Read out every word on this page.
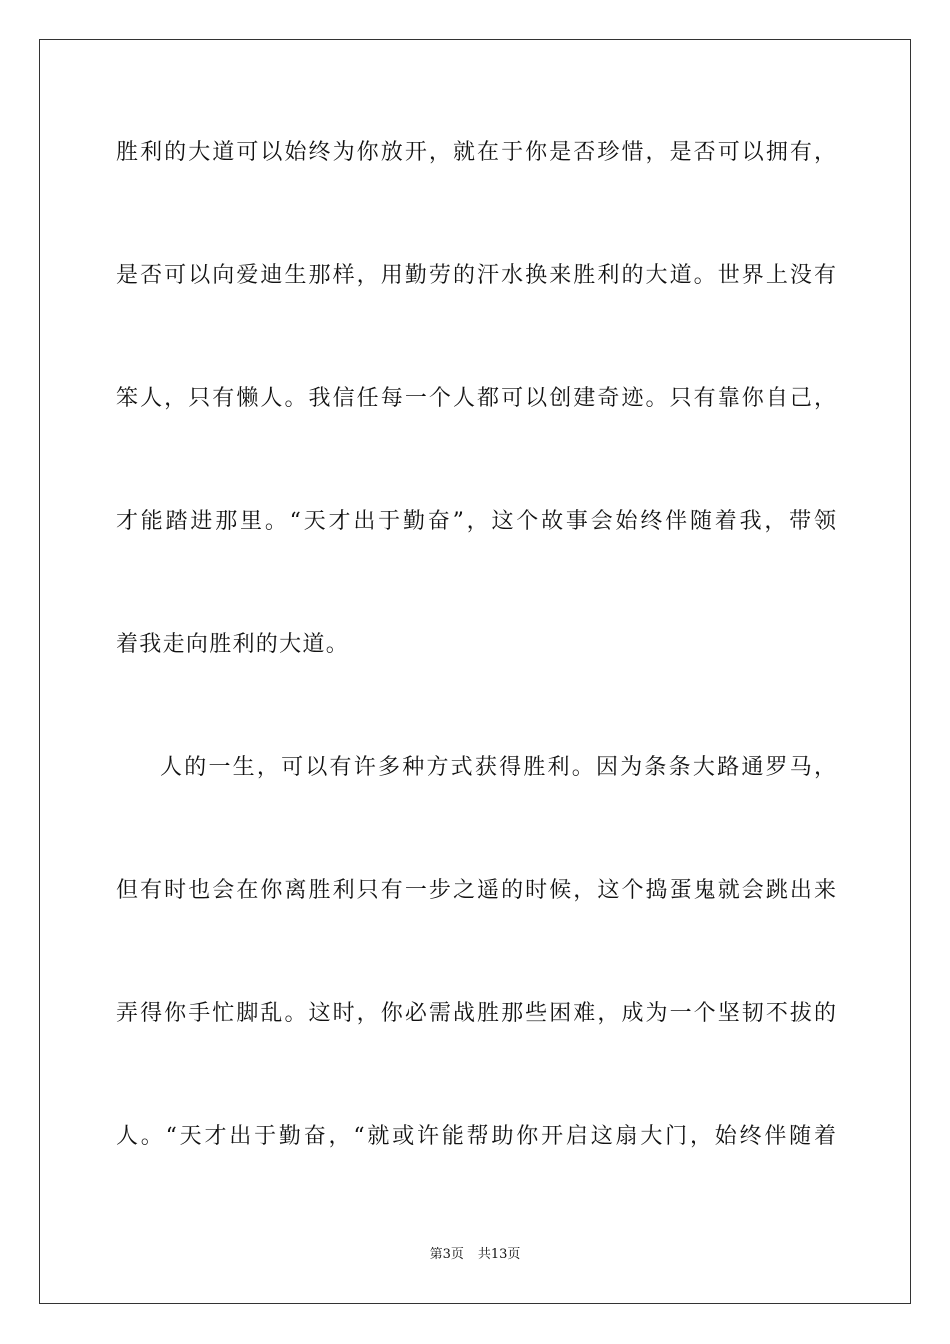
胜利的大道可以始终为你放开，就在于你是否珍惜，是否可以拥有，
是否可以向爱迪生那样，用勤劳的汗水换来胜利的大道。世界上没有
笨人，只有懒人。我信任每一个人都可以创建奇迹。只有靠你自己，
才能踏进那里。“天才出于勤奋”，这个故事会始终伴随着我，带领
着我走向胜利的大道。
人的一生，可以有许多种方式获得胜利。因为条条大路通罗马，
但有时也会在你离胜利只有一步之遥的时候，这个捣蛋鬼就会跳出来
弄得你手忙脚乱。这时，你必需战胜那些困难，成为一个坚韧不拔的
人。“天才出于勤奋，“就或许能帮助你开启这扇大门，始终伴随着
第3页 共13页
